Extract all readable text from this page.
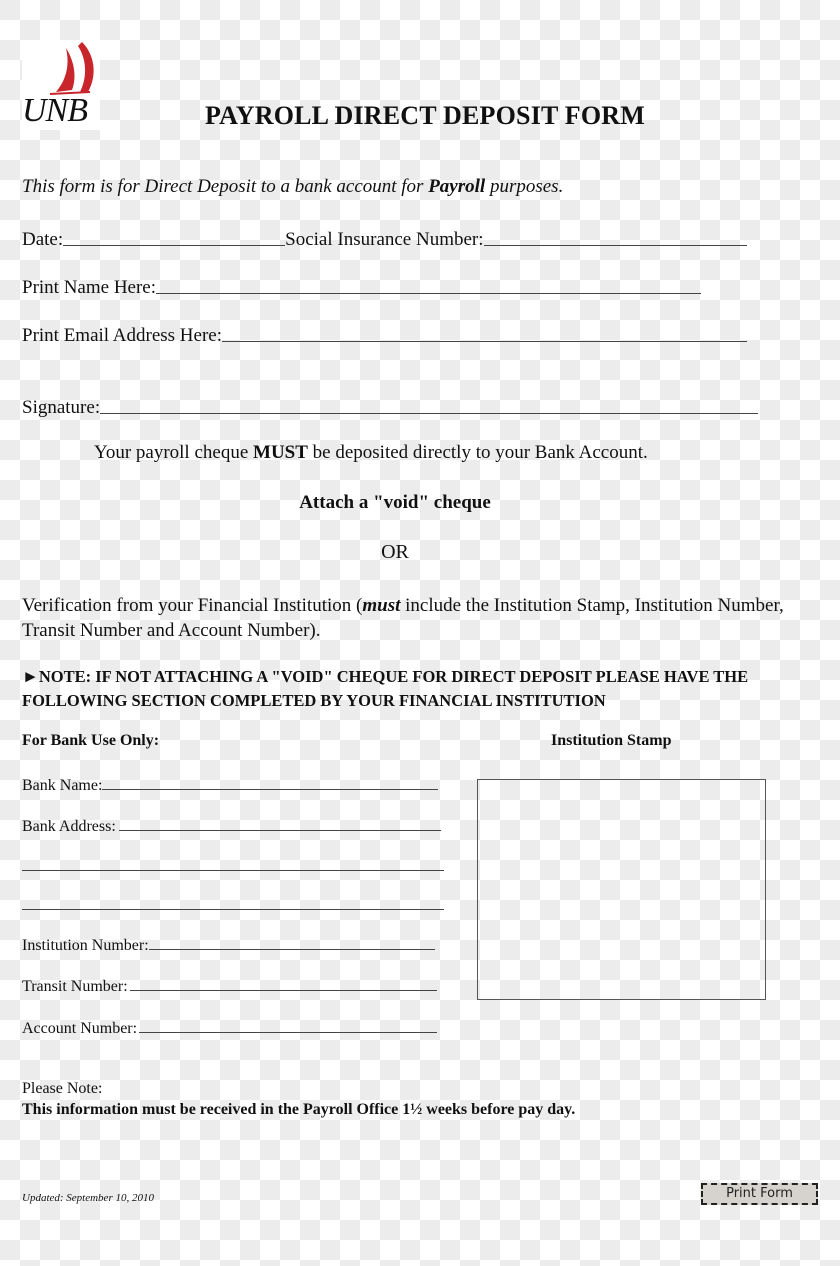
UNB	PAYROLL DIRECT DEPOSIT FORM
This form is for Direct Deposit to a bank account for Payroll purposes.
Date:	Social Insurance Number:
Print Name Here:
Print Email Address Here:
Signature:
Your payroll cheque MUST be deposited directly to your Bank Account.
Attach a "void" cheque
OR
Verification from your Financial Institution (must include the Institution Stamp, Institution Number, Transit Number and Account Number).
►NOTE: IF NOT ATTACHING A "VOID" CHEQUE FOR DIRECT DEPOSIT PLEASE HAVE THE FOLLOWING SECTION COMPLETED BY YOUR FINANCIAL INSTITUTION
For Bank Use Only:	Institution Stamp
Bank Name:
Bank Address:
Institution Number:
Transit Number:
Account Number:
Please Note:
This information must be received in the Payroll Office 1½ weeks before pay day.
Updated: September 10, 2010	Print Form
